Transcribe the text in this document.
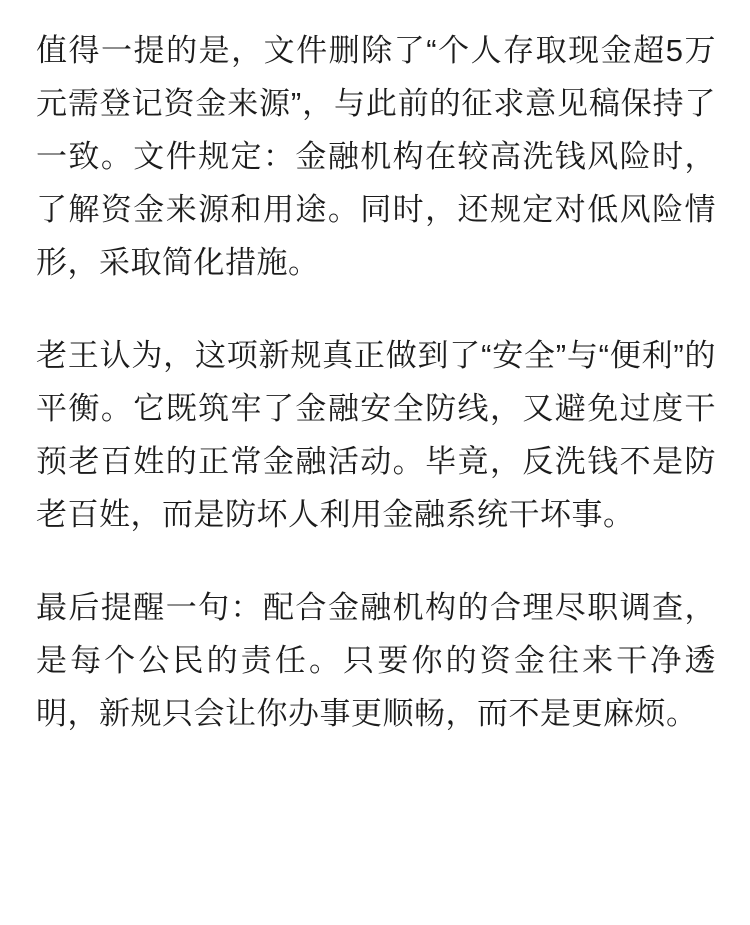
值得一提的是，文件删除了“个人存取现金超5万元需登记资金来源”，与此前的征求意见稿保持了一致。文件规定：金融机构在较高洗钱风险时，了解资金来源和用途。同时，还规定对低风险情形，采取简化措施。

老王认为，这项新规真正做到了“安全”与“便利”的平衡。它既筑牢了金融安全防线，又避免过度干预老百姓的正常金融活动。毕竟，反洗钱不是防老百姓，而是防坏人利用金融系统干坏事。

最后提醒一句：配合金融机构的合理尽职调查，是每个公民的责任。只要你的资金往来干净透明，新规只会让你办事更顺畅，而不是更麻烦。
